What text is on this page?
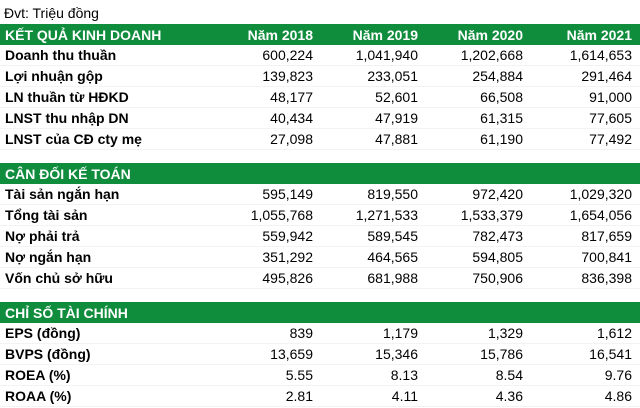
Đvt: Triệu đồng
KẾT QUẢ KINH DOANH	Năm 2018	Năm 2019	Năm 2020	Năm 2021
Doanh thu thuần	600,224	1,041,940	1,202,668	1,614,653
Lợi nhuận gộp	139,823	233,051	254,884	291,464
LN thuần từ HĐKD	48,177	52,601	66,508	91,000
LNST thu nhập DN	40,434	47,919	61,315	77,605
LNST của CĐ cty mẹ	27,098	47,881	61,190	77,492
CÂN ĐỐI KẾ TOÁN
Tài sản ngắn hạn	595,149	819,550	972,420	1,029,320
Tổng tài sản	1,055,768	1,271,533	1,533,379	1,654,056
Nợ phải trả	559,942	589,545	782,473	817,659
Nợ ngắn hạn	351,292	464,565	594,805	700,841
Vốn chủ sở hữu	495,826	681,988	750,906	836,398
CHỈ SỐ TÀI CHÍNH
EPS (đồng)	839	1,179	1,329	1,612
BVPS (đồng)	13,659	15,346	15,786	16,541
ROEA (%)	5.55	8.13	8.54	9.76
ROAA (%)	2.81	4.11	4.36	4.86
